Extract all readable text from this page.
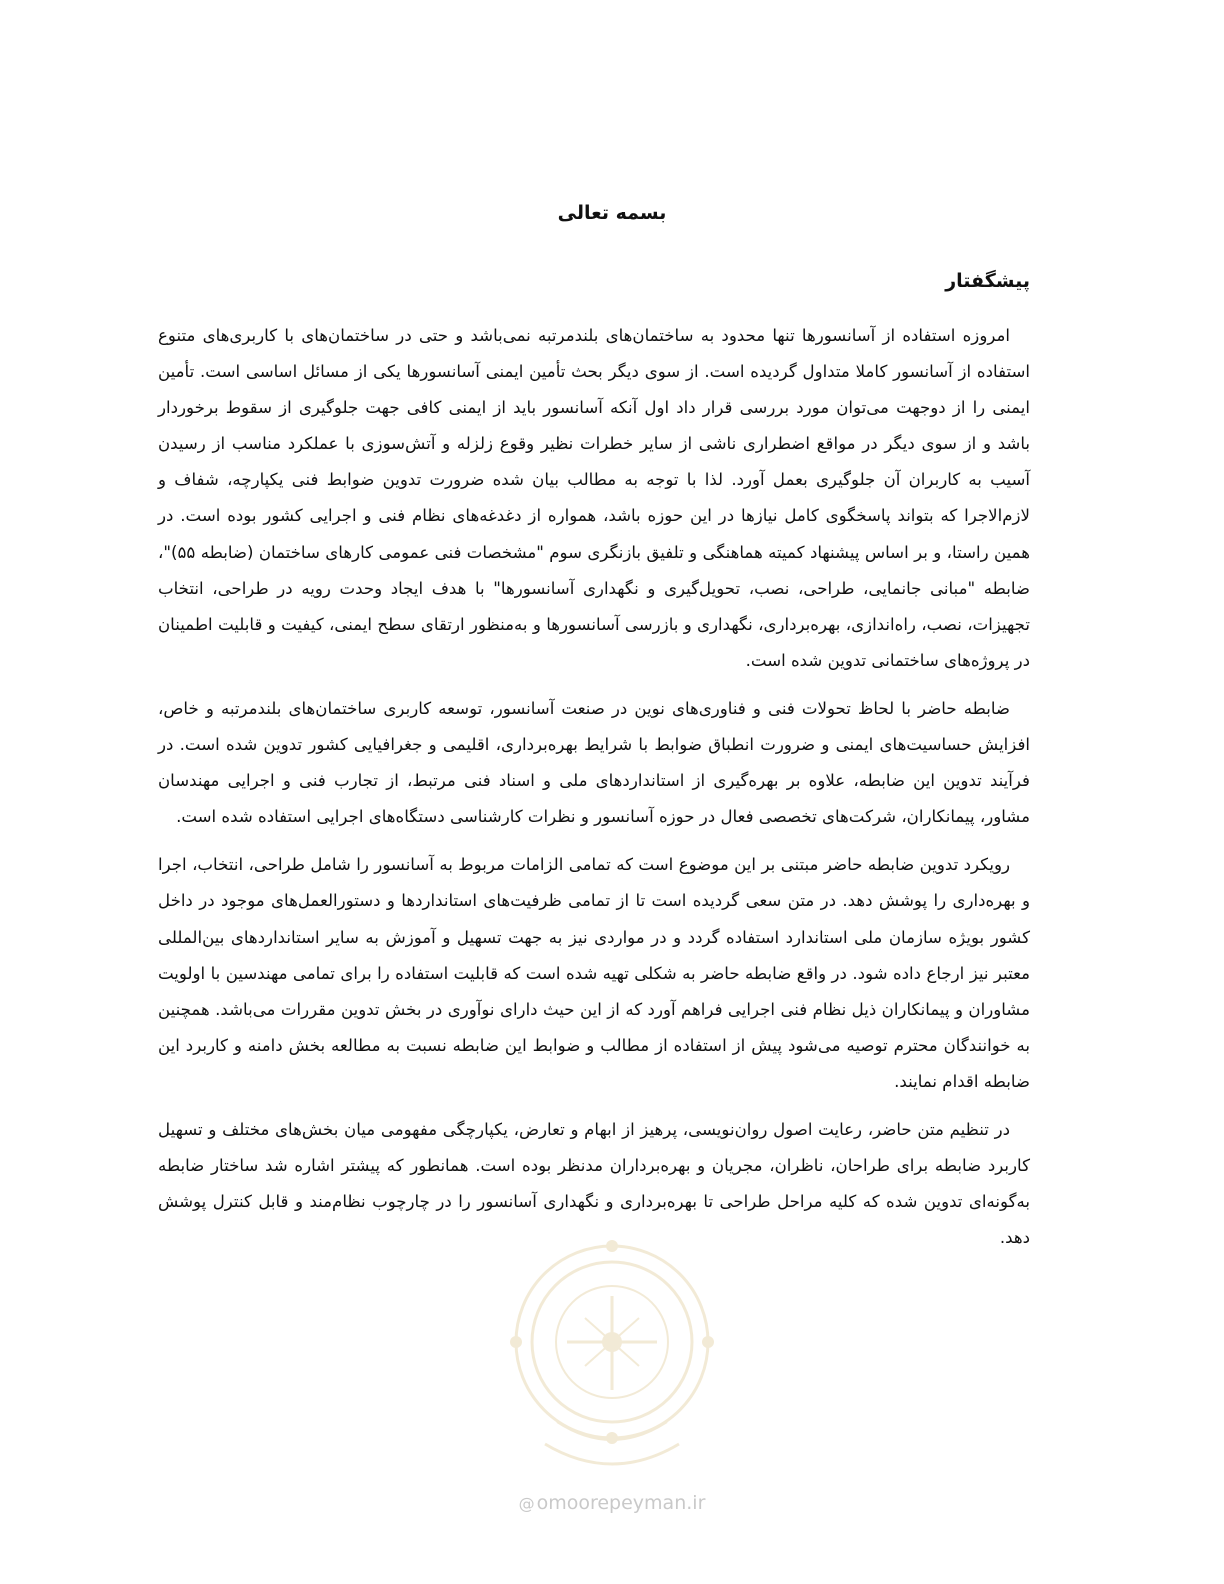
بسمه تعالی
پیشگفتار

امروزه استفاده از آسانسورها تنها محدود به ساختمان‌های بلندمرتبه نمی‌باشد و حتی در ساختمان‌های با کاربری‌های متنوع استفاده از آسانسور کاملا متداول گردیده است. از سوی دیگر بحث تأمین ایمنی آسانسورها یکی از مسائل اساسی است. تأمین ایمنی را از دوجهت می‌توان مورد بررسی قرار داد اول آنکه آسانسور باید از ایمنی کافی جهت جلوگیری از سقوط برخوردار باشد و از سوی دیگر در مواقع اضطراری ناشی از سایر خطرات نظیر وقوع زلزله و آتش‌سوزی با عملکرد مناسب از رسیدن آسیب به کاربران آن جلوگیری بعمل آورد. لذا با توجه به مطالب بیان شده ضرورت تدوین ضوابط فنی یکپارچه، شفاف و لازم‌الاجرا که بتواند پاسخگوی کامل نیازها در این حوزه باشد، همواره از دغدغه‌های نظام فنی و اجرایی کشور بوده است. در همین راستا، و بر اساس پیشنهاد کمیته هماهنگی و تلفیق بازنگری سوم "مشخصات فنی عمومی کارهای ساختمان (ضابطه ۵۵)"، ضابطه "مبانی جانمایی، طراحی، نصب، تحویل‌گیری و نگهداری آسانسورها" با هدف ایجاد وحدت رویه در طراحی، انتخاب تجهیزات، نصب، راه‌اندازی، بهره‌برداری، نگهداری و بازرسی آسانسورها و به‌منظور ارتقای سطح ایمنی، کیفیت و قابلیت اطمینان در پروژه‌های ساختمانی تدوین شده است.

ضابطه حاضر با لحاظ تحولات فنی و فناوری‌های نوین در صنعت آسانسور، توسعه کاربری ساختمان‌های بلندمرتبه و خاص، افزایش حساسیت‌های ایمنی و ضرورت انطباق ضوابط با شرایط بهره‌برداری، اقلیمی و جغرافیایی کشور تدوین شده است. در فرآیند تدوین این ضابطه، علاوه بر بهره‌گیری از استانداردهای ملی و اسناد فنی مرتبط، از تجارب فنی و اجرایی مهندسان مشاور، پیمانکاران، شرکت‌های تخصصی فعال در حوزه آسانسور و نظرات کارشناسی دستگاه‌های اجرایی استفاده شده است.

رویکرد تدوین ضابطه حاضر مبتنی بر این موضوع است که تمامی الزامات مربوط به آسانسور را شامل طراحی، انتخاب، اجرا و بهره‌داری را پوشش دهد. در متن سعی گردیده است تا از تمامی ظرفیت‌های استانداردها و دستورالعمل‌های موجود در داخل کشور بویژه سازمان ملی استاندارد استفاده گردد و در مواردی نیز به جهت تسهیل و آموزش به سایر استانداردهای بین‌المللی معتبر نیز ارجاع داده شود. در واقع ضابطه حاضر به شکلی تهیه شده است که قابلیت استفاده را برای تمامی مهندسین با اولویت مشاوران و پیمانکاران ذیل نظام فنی اجرایی فراهم آورد که از این حیث دارای نوآوری در بخش تدوین مقررات می‌باشد. همچنین به خوانندگان محترم توصیه می‌شود پیش از استفاده از مطالب و ضوابط این ضابطه نسبت به مطالعه بخش دامنه و کاربرد این ضابطه اقدام نمایند.

در تنظیم متن حاضر، رعایت اصول روان‌نویسی، پرهیز از ابهام و تعارض، یکپارچگی مفهومی میان بخش‌های مختلف و تسهیل کاربرد ضابطه برای طراحان، ناظران، مجریان و بهره‌برداران مدنظر بوده است. همانطور که پیشتر اشاره شد ساختار ضابطه به‌گونه‌ای تدوین شده که کلیه مراحل طراحی تا بهره‌برداری و نگهداری آسانسور را در چارچوب نظام‌مند و قابل کنترل پوشش دهد.

@ omoorepeyman.ir
